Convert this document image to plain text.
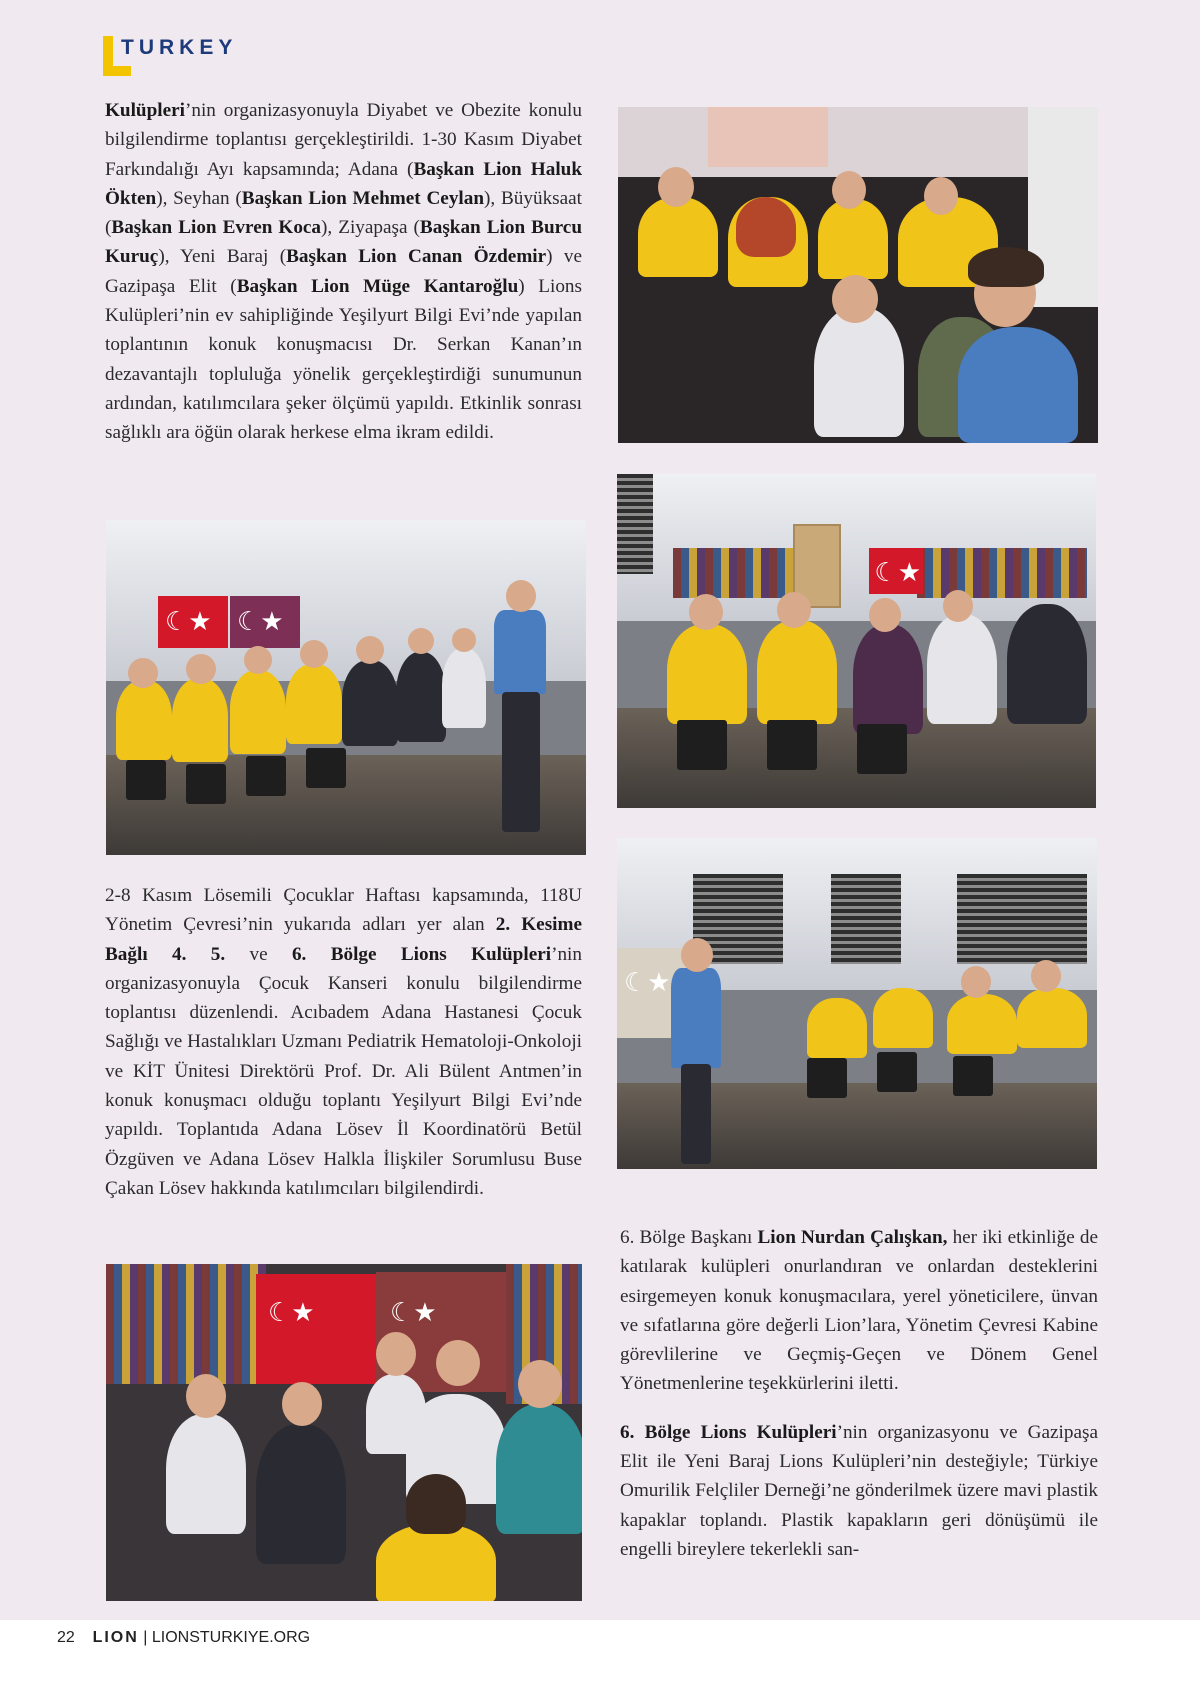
TURKEY

Kulüpleri’nin organizasyonuyla Diyabet ve Obezite konulu bilgilendirme toplantısı gerçekleştirildi. 1-30 Kasım Diyabet Farkındalığı Ayı kapsamında; Adana (Başkan Lion Haluk Ökten), Seyhan (Başkan Lion Mehmet Ceylan), Büyüksaat (Başkan Lion Evren Koca), Ziyapaşa (Başkan Lion Burcu Kuruç), Yeni Baraj (Başkan Lion Canan Özdemir) ve Gazipaşa Elit (Başkan Lion Müge Kantaroğlu) Lions Kulüpleri’nin ev sahipliğinde Yeşilyurt Bilgi Evi’nde yapılan toplantının konuk konuşmacısı Dr. Serkan Kanan’ın dezavantajlı topluluğa yönelik gerçekleştirdiği sunumunun ardından, katılımcılara şeker ölçümü yapıldı. Etkinlik sonrası sağlıklı ara öğün olarak herkese elma ikram edildi.

☾★
☾★

2-8 Kasım Lösemili Çocuklar Haftası kapsamında, 118U Yönetim Çevresi’nin yukarıda adları yer alan 2. Kesime Bağlı 4. 5. ve 6. Bölge Lions Kulüpleri’nin organizasyonuyla Çocuk Kanseri konulu bilgilendirme toplantısı düzenlendi. Acıbadem Adana Hastanesi Çocuk Sağlığı ve Hastalıkları Uzmanı Pediatrik Hematoloji-Onkoloji ve KİT Ünitesi Direktörü Prof. Dr. Ali Bülent Antmen’in konuk konuşmacı olduğu toplantı Yeşilyurt Bilgi Evi’nde yapıldı. Toplantıda Adana Lösev İl Koordinatörü Betül Özgüven ve Adana Lösev Halkla İlişkiler Sorumlusu Buse Çakan Lösev hakkında katılımcıları bilgilendirdi.

☾★
☾★
☾★
☾★

6. Bölge Başkanı Lion Nurdan Çalışkan, her iki etkinliğe de katılarak kulüpleri onurlandıran ve onlardan desteklerini esirgemeyen konuk konuşmacılara, yerel yöneticilere, ünvan ve sıfatlarına göre değerli Lion’lara, Yönetim Çevresi Kabine görevlilerine ve Geçmiş-Geçen ve Dönem Genel Yönetmenlerine teşekkürlerini iletti.

6. Bölge Lions Kulüpleri’nin organizasyonu ve Gazipaşa Elit ile Yeni Baraj Lions Kulüpleri’nin desteğiyle; Türkiye Omurilik Felçliler Derneği’ne gönderilmek üzere mavi plastik kapaklar toplandı. Plastik kapakların geri dönüşümü ile engelli bireylere tekerlekli san-

22 LION | LIONSTURKIYE.ORG
